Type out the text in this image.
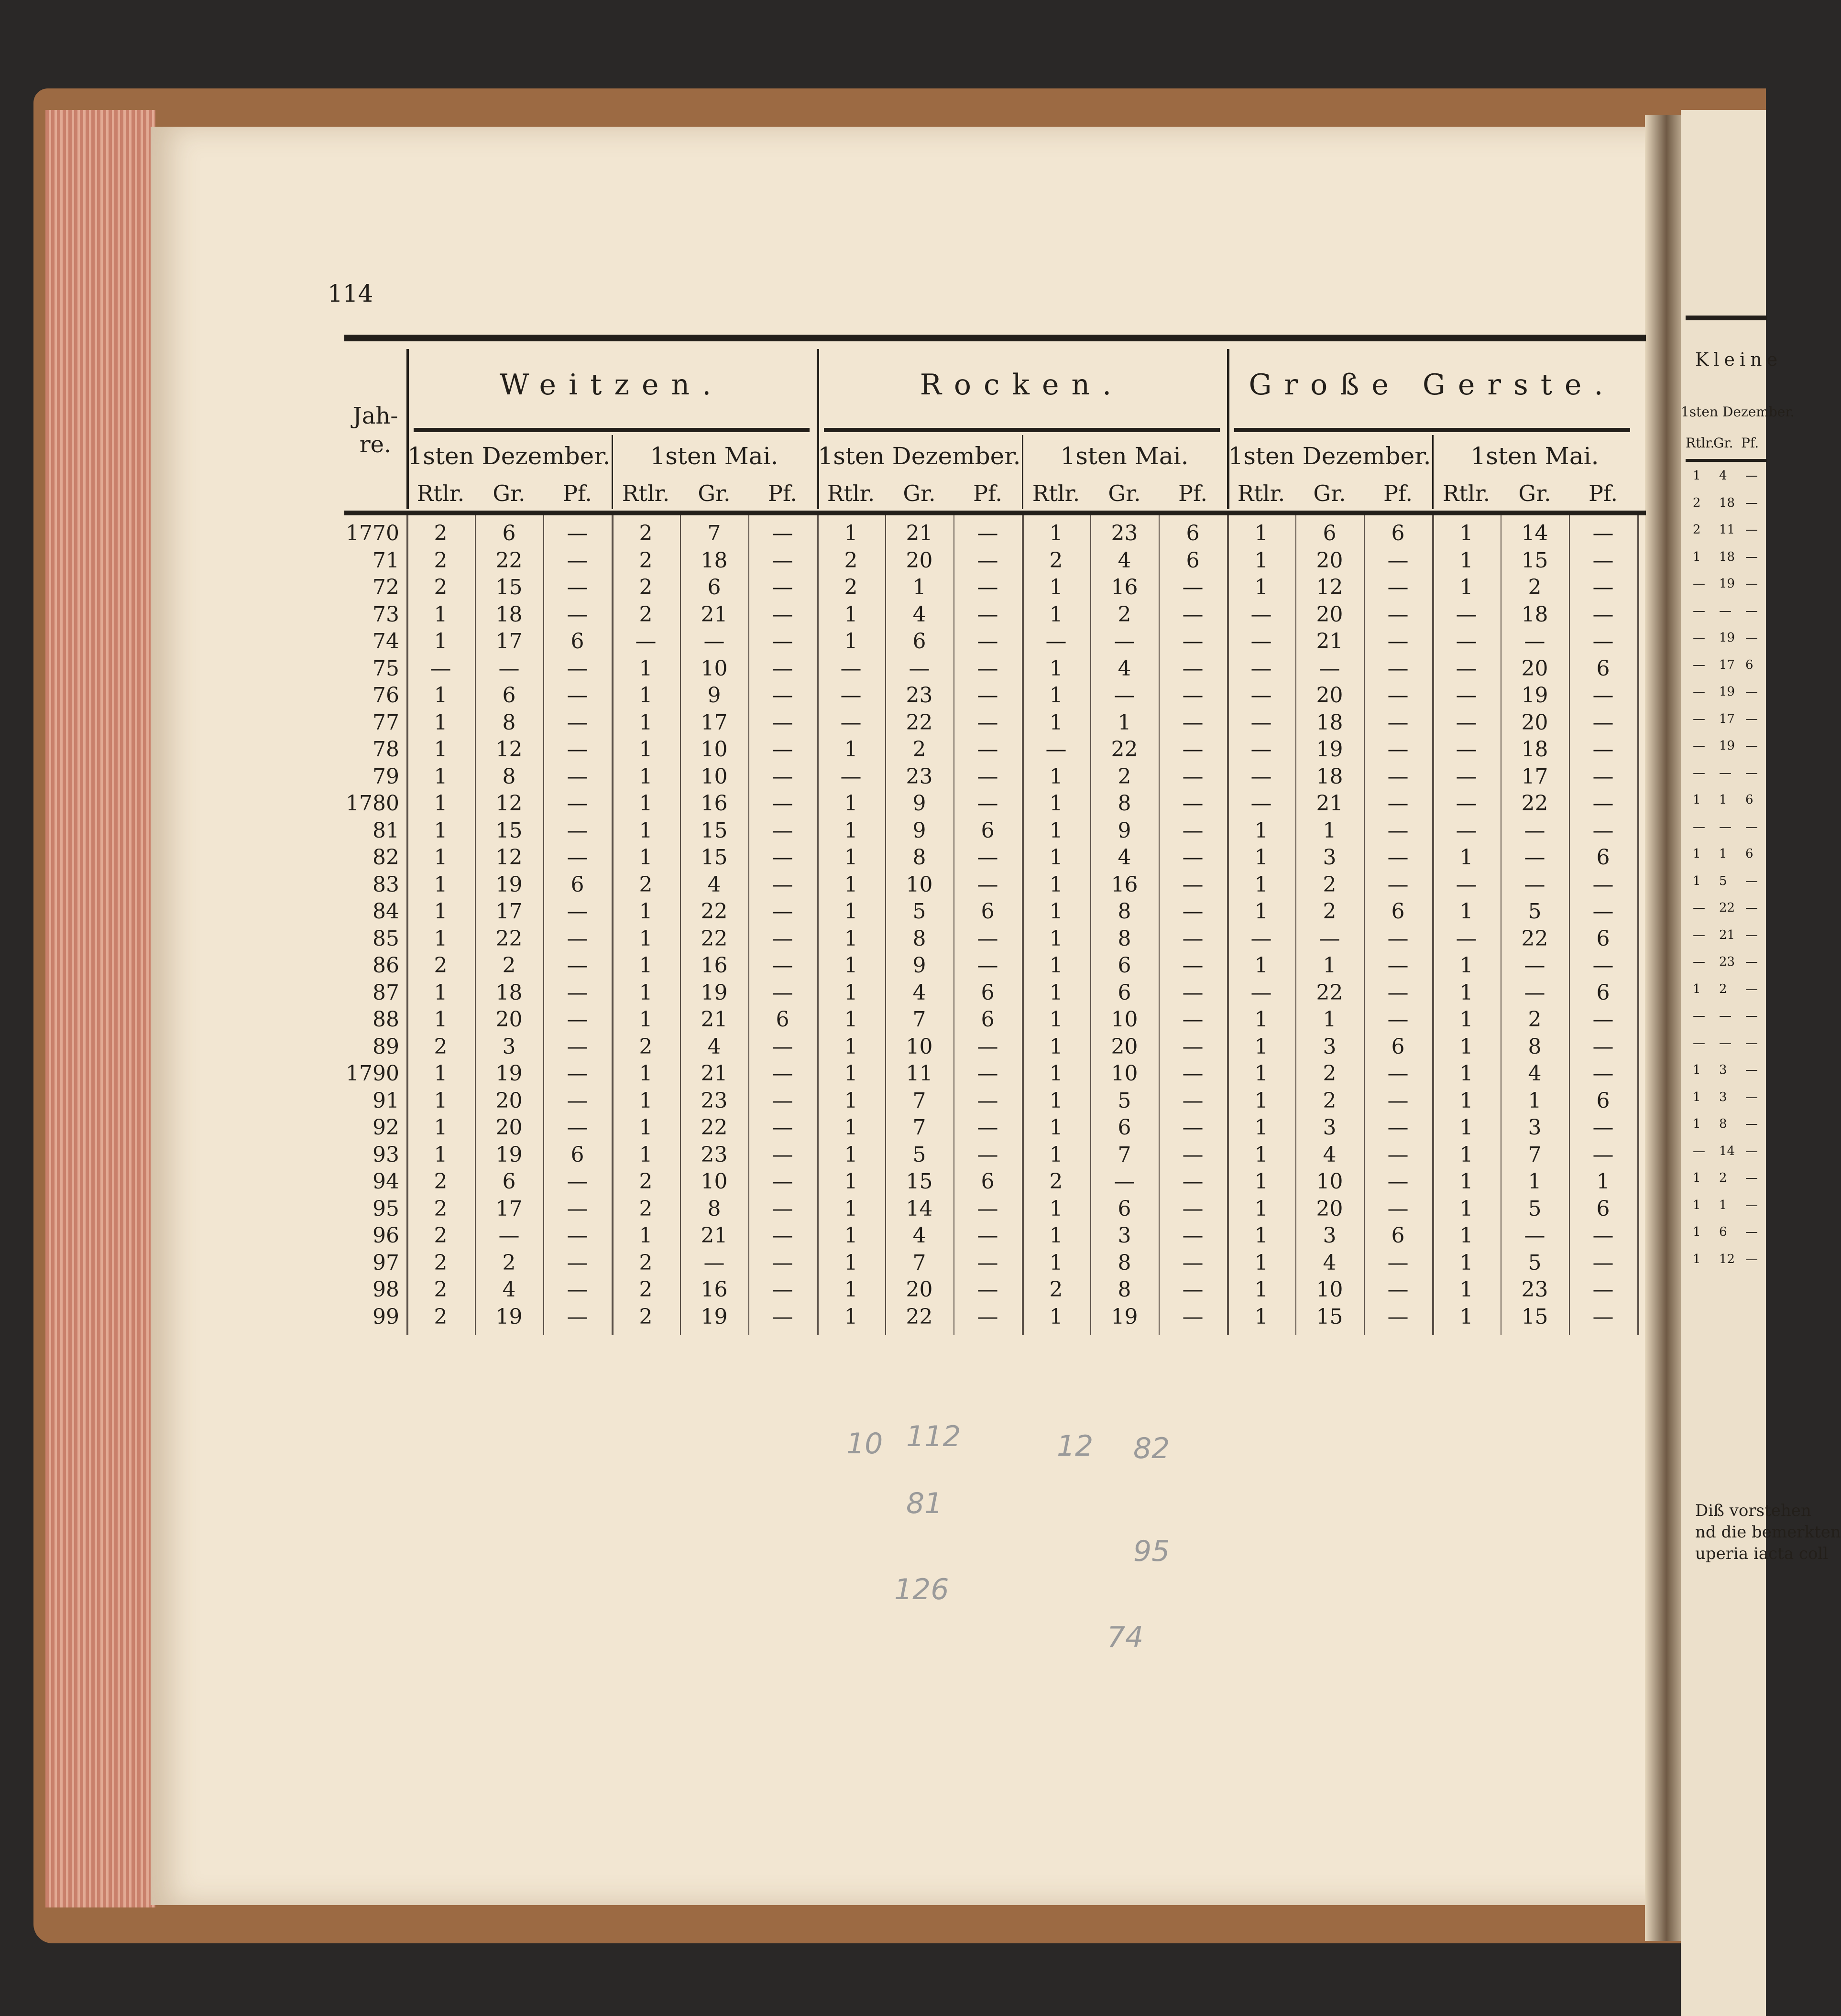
Kleine
1sten Dezember.
Rtlr.
Gr. Pf.
1 4 —
2 18 —
2 11 —
1 18 —
— 19 —
— — —
— 19 —
— 17 6
— 19 —
— 17 —
— 19 —
— — —
1 1 6
— — —
1 1 6
1 5 —
— 22 —
— 21 —
— 23 —
1 2 —
— — —
— — —
1 3 —
1 3 —
1 8 —
— 14 —
1 2 —
1 1 —
1 6 —
1 12 —
Diß vorstehen
nd die bemerkten
uperia iacta coll
114
Jah-
re.
Weitzen.
1sten Dezember.
Rtlr.	Gr.	Pf.
1sten Mai.
Rtlr.	Gr.	Pf.
Rocken.
1sten Dezember.
Rtlr.	Gr.	Pf.
1sten Mai.
Rtlr.	Gr.	Pf.
Große Gerste.
1sten Dezember.
Rtlr.	Gr.	Pf.
1sten Mai.
Rtlr.	Gr.	Pf.
1770	2	6	—	2	7	—	1	21	—	1	23	6	1	6	6	1	14	—
71	2	22	—	2	18	—	2	20	—	2	4	6	1	20	—	1	15	—
72	2	15	—	2	6	—	2	1	—	1	16	—	1	12	—	1	2	—
73	1	18	—	2	21	—	1	4	—	1	2	—	—	20	—	—	18	—
74	1	17	6	—	—	—	1	6	—	—	—	—	—	21	—	—	—	—
75	—	—	—	1	10	—	—	—	—	1	4	—	—	—	—	—	20	6
76	1	6	—	1	9	—	—	23	—	1	—	—	—	20	—	—	19	—
77	1	8	—	1	17	—	—	22	—	1	1	—	—	18	—	—	20	—
78	1	12	—	1	10	—	1	2	—	—	22	—	—	19	—	—	18	—
79	1	8	—	1	10	—	—	23	—	1	2	—	—	18	—	—	17	—
1780	1	12	—	1	16	—	1	9	—	1	8	—	—	21	—	—	22	—
81	1	15	—	1	15	—	1	9	6	1	9	—	1	1	—	—	—	—
82	1	12	—	1	15	—	1	8	—	1	4	—	1	3	—	1	—	6
83	1	19	6	2	4	—	1	10	—	1	16	—	1	2	—	—	—	—
84	1	17	—	1	22	—	1	5	6	1	8	—	1	2	6	1	5	—
85	1	22	—	1	22	—	1	8	—	1	8	—	—	—	—	—	22	6
86	2	2	—	1	16	—	1	9	—	1	6	—	1	1	—	1	—	—
87	1	18	—	1	19	—	1	4	6	1	6	—	—	22	—	1	—	6
88	1	20	—	1	21	6	1	7	6	1	10	—	1	1	—	1	2	—
89	2	3	—	2	4	—	1	10	—	1	20	—	1	3	6	1	8	—
1790	1	19	—	1	21	—	1	11	—	1	10	—	1	2	—	1	4	—
91	1	20	—	1	23	—	1	7	—	1	5	—	1	2	—	1	1	6
92	1	20	—	1	22	—	1	7	—	1	6	—	1	3	—	1	3	—
93	1	19	6	1	23	—	1	5	—	1	7	—	1	4	—	1	7	—
94	2	6	—	2	10	—	1	15	6	2	—	—	1	10	—	1	1	1
95	2	17	—	2	8	—	1	14	—	1	6	—	1	20	—	1	5	6
96	2	—	—	1	21	—	1	4	—	1	3	—	1	3	6	1	—	—
97	2	2	—	2	—	—	1	7	—	1	8	—	1	4	—	1	5	—
98	2	4	—	2	16	—	1	20	—	2	8	—	1	10	—	1	23	—
99	2	19	—	2	19	—	1	22	—	1	19	—	1	15	—	1	15	—
10 112	12 82
81
95
126
74
